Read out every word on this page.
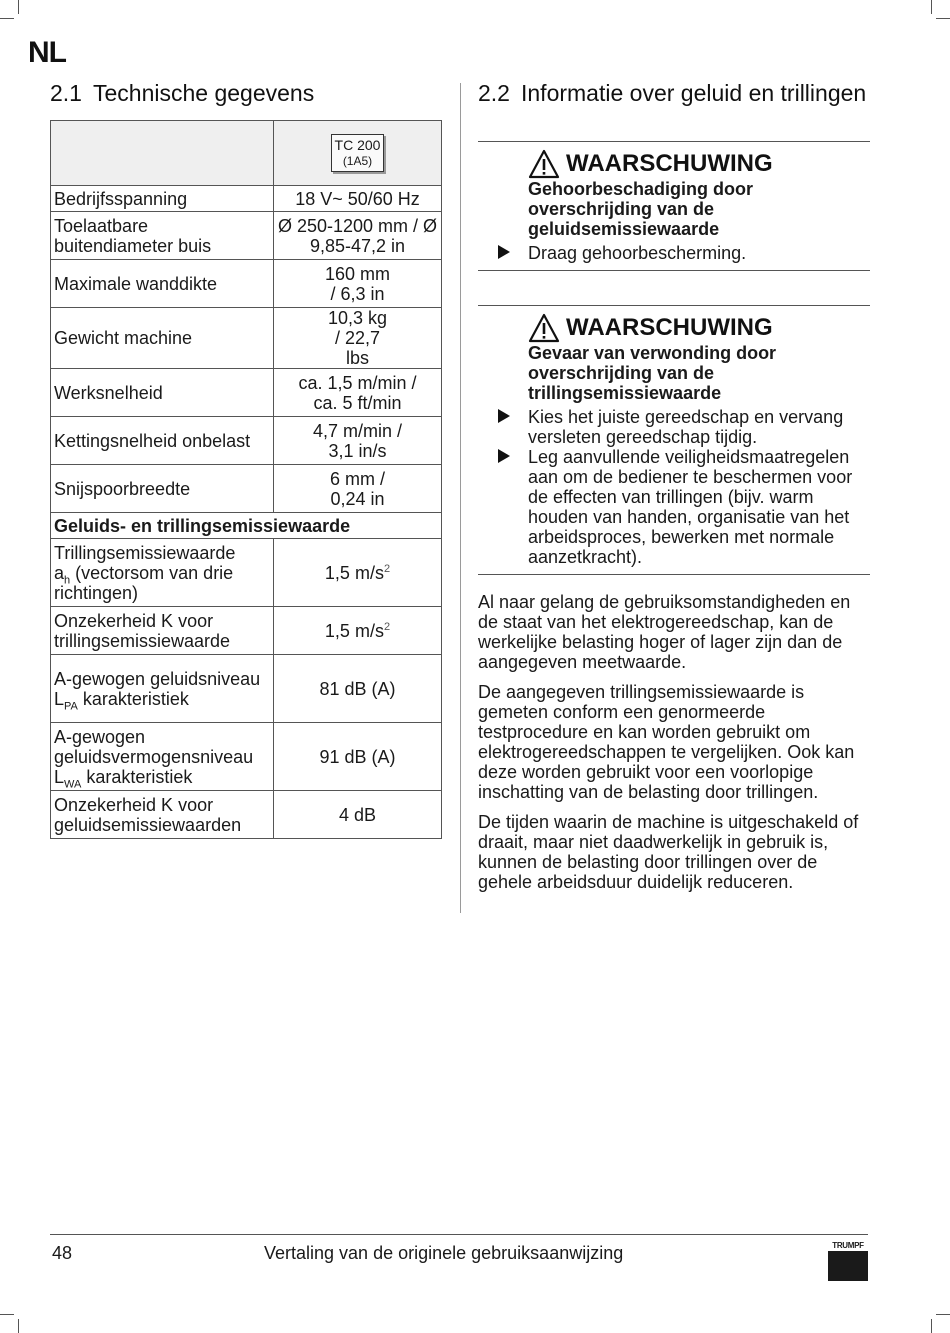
NL
2.1 Technische gegevens

	TC 200
(1A5)

Bedrijfsspanning	18 V~ 50/60 Hz
Toelaatbare buitendiameter buis	Ø 250-1200 mm / Ø 9,85-47,2 in
Maximale wanddikte	160 mm / 6,3 in
Gewicht machine	10,3 kg / 22,7 lbs
Werksnelheid	ca. 1,5 m/min / ca. 5 ft/min
Kettingsnelheid onbelast	4,7 m/min / 3,1 in/s
Snijspoorbreedte	6 mm / 0,24 in
Geluids- en trillingsemissiewaarde	
Trillingsemissiewaarde
$a_h$ (vectorsom van drie richtingen)	1,5 $m/s^2$
Onzekerheid K voor trillingsemissiewaarde	1,5 $m/s^2$
A-gewogen geluidsniveau $L_{PA}$ karakteristiek	81 dB (A)
A-gewogen geluidsvermogensniveau $L_{WA}$ karakteristiek	91 dB (A)
Onzekerheid K voor geluidsemissiewaarden	4 dB
2.2 Informatie over geluid en trillingen
WAARSCHUWING
Gehoorbeschadiging door overschrijding van de geluidsemissiewaarde
Draag gehoorbescherming.
WAARSCHUWING
Gevaar van verwonding door overschrijding van de trillingsemissiewaarde
Kies het juiste gereedschap en vervang versleten gereedschap tijdig.
Leg aanvullende veiligheidsmaatregelen aan om de bediener te beschermen voor de effecten van trillingen (bijv. warm houden van handen, organisatie van het arbeidsproces, bewerken met normale aanzetkracht).

Al naar gelang de gebruiksomstandigheden en de staat van het elektrogereedschap, kan de werkelijke belasting hoger of lager zijn dan de aangegeven meetwaarde.

De aangegeven trillingsemissiewaarde is gemeten conform een genormeerde testprocedure en kan worden gebruikt om elektrogereedschappen te vergelijken. Ook kan deze worden gebruikt voor een voorlopige inschatting van de belasting door trillingen.

De tijden waarin de machine is uitgeschakeld of draait, maar niet daadwerkelijk in gebruik is, kunnen de belasting door trillingen over de gehele arbeidsduur duidelijk reduceren.

48	Vertaling van de originele gebruiksaanwijzing	TRUMPF
